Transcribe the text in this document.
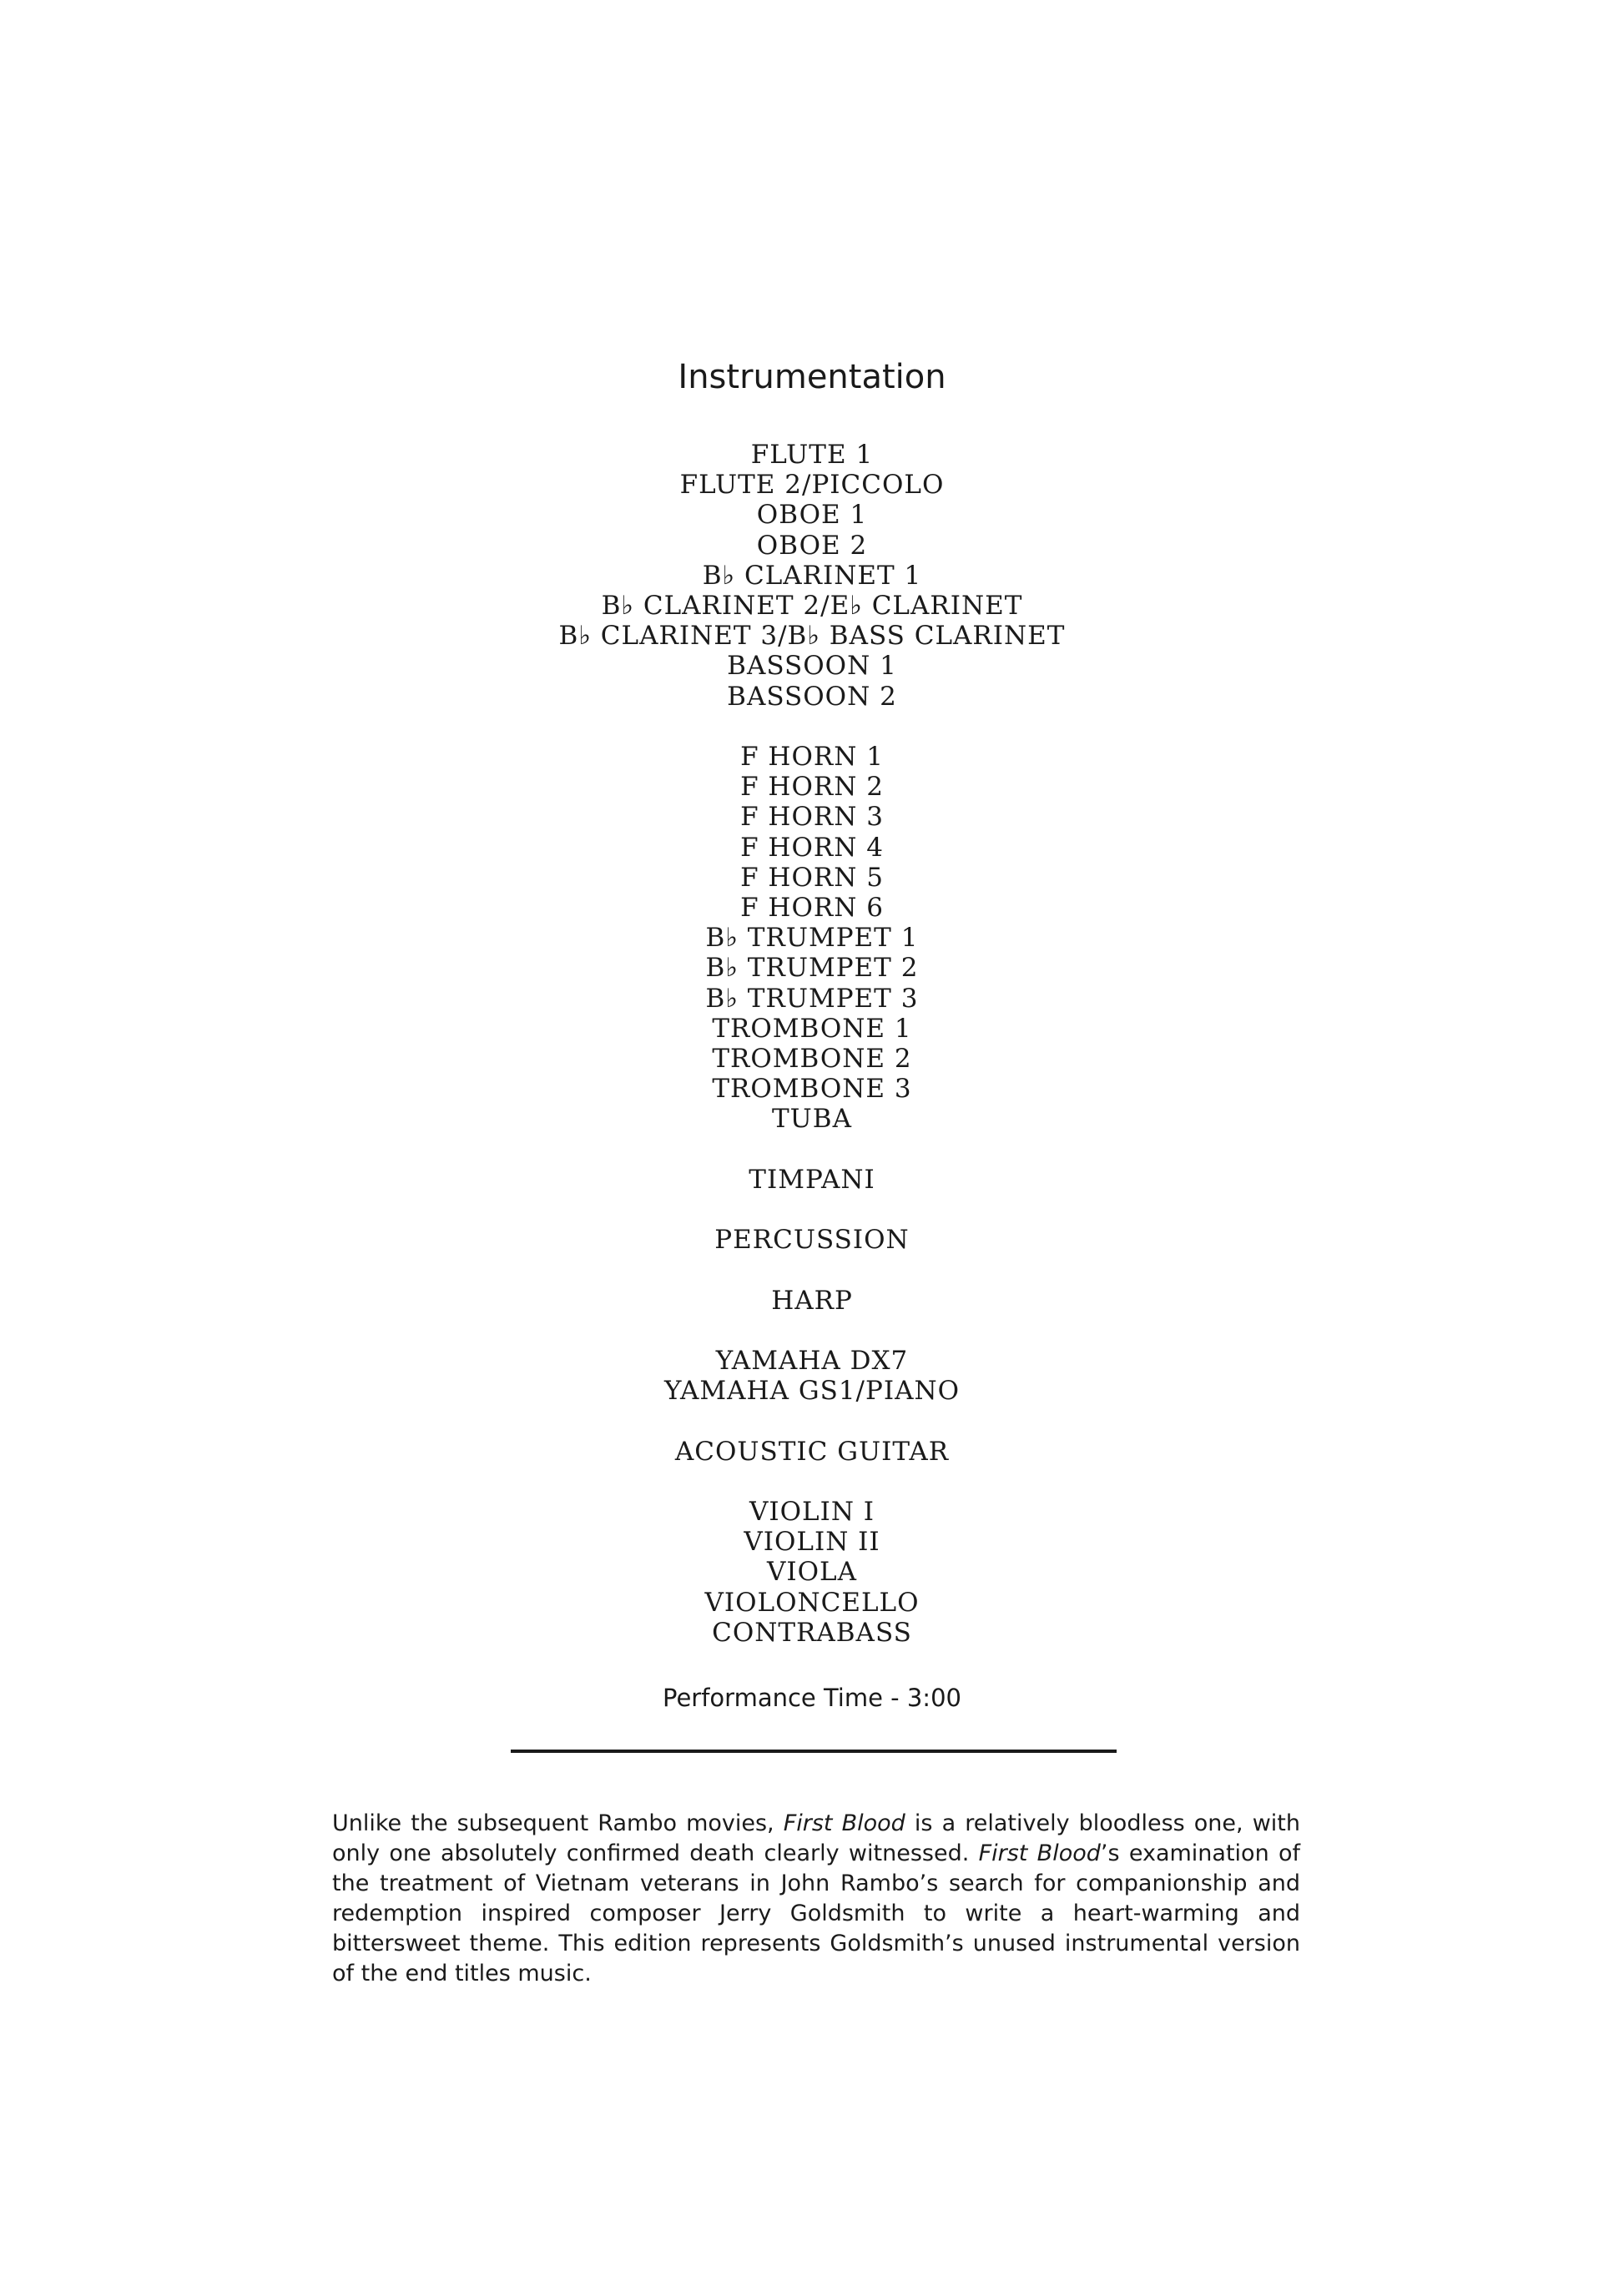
Instrumentation
FLUTE 1
FLUTE 2/PICCOLO
OBOE 1
OBOE 2
B♭ CLARINET 1
B♭ CLARINET 2/E♭ CLARINET
B♭ CLARINET 3/B♭ BASS CLARINET
BASSOON 1
BASSOON 2
F HORN 1
F HORN 2
F HORN 3
F HORN 4
F HORN 5
F HORN 6
B♭ TRUMPET 1
B♭ TRUMPET 2
B♭ TRUMPET 3
TROMBONE 1
TROMBONE 2
TROMBONE 3
TUBA
TIMPANI
PERCUSSION
HARP
YAMAHA DX7
YAMAHA GS1/PIANO
ACOUSTIC GUITAR
VIOLIN I
VIOLIN II
VIOLA
VIOLONCELLO
CONTRABASS
Performance Time - 3:00

Unlike the subsequent Rambo movies, First Blood is a relatively bloodless one, with only one absolutely confirmed death clearly witnessed. First Blood’s examination of the treatment of Vietnam veterans in John Rambo’s search for companionship and redemption inspired composer Jerry Goldsmith to write a heart-warming and bittersweet theme. This edition represents Goldsmith’s unused instrumental version of the end titles music.
